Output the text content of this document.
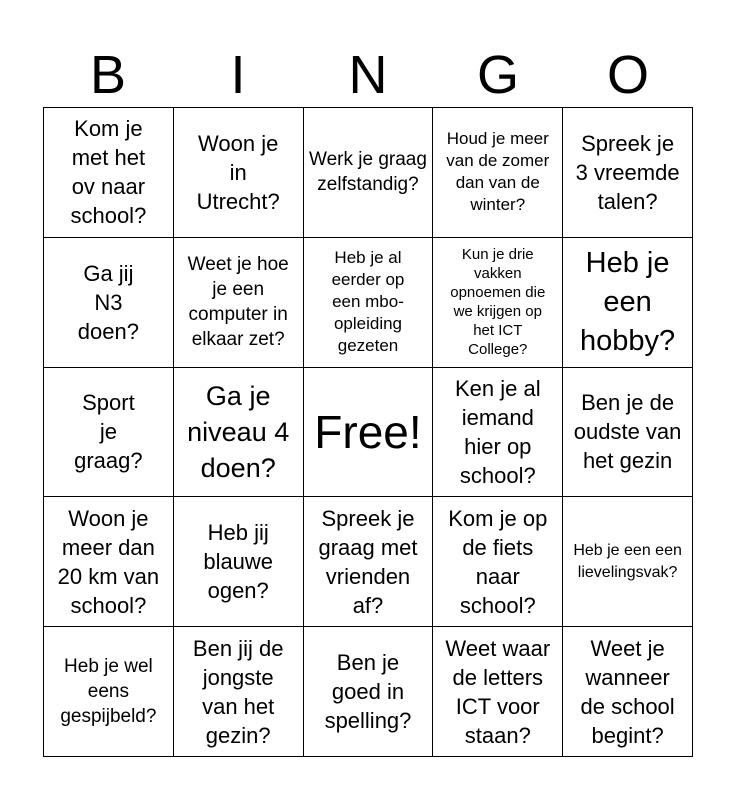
B	I	N	G	O
Kom je met het ov naar school?
Woon je in Utrecht?
Werk je graag zelfstandig?
Houd je meer van de zomer dan van de winter?
Spreek je 3 vreemde talen?
Ga jij N3 doen?
Weet je hoe je een computer in elkaar zet?
Heb je al eerder op een mbo-opleiding gezeten
Kun je drie vakken opnoemen die we krijgen op het ICT College?
Heb je een hobby?
Sport je graag?
Ga je niveau 4 doen?
Free!
Ken je al iemand hier op school?
Ben je de oudste van het gezin
Woon je meer dan 20 km van school?
Heb jij blauwe ogen?
Spreek je graag met vrienden af?
Kom je op de fiets naar school?
Heb je een een lievelingsvak?
Heb je wel eens gespijbeld?
Ben jij de jongste van het gezin?
Ben je goed in spelling?
Weet waar de letters ICT voor staan?
Weet je wanneer de school begint?
